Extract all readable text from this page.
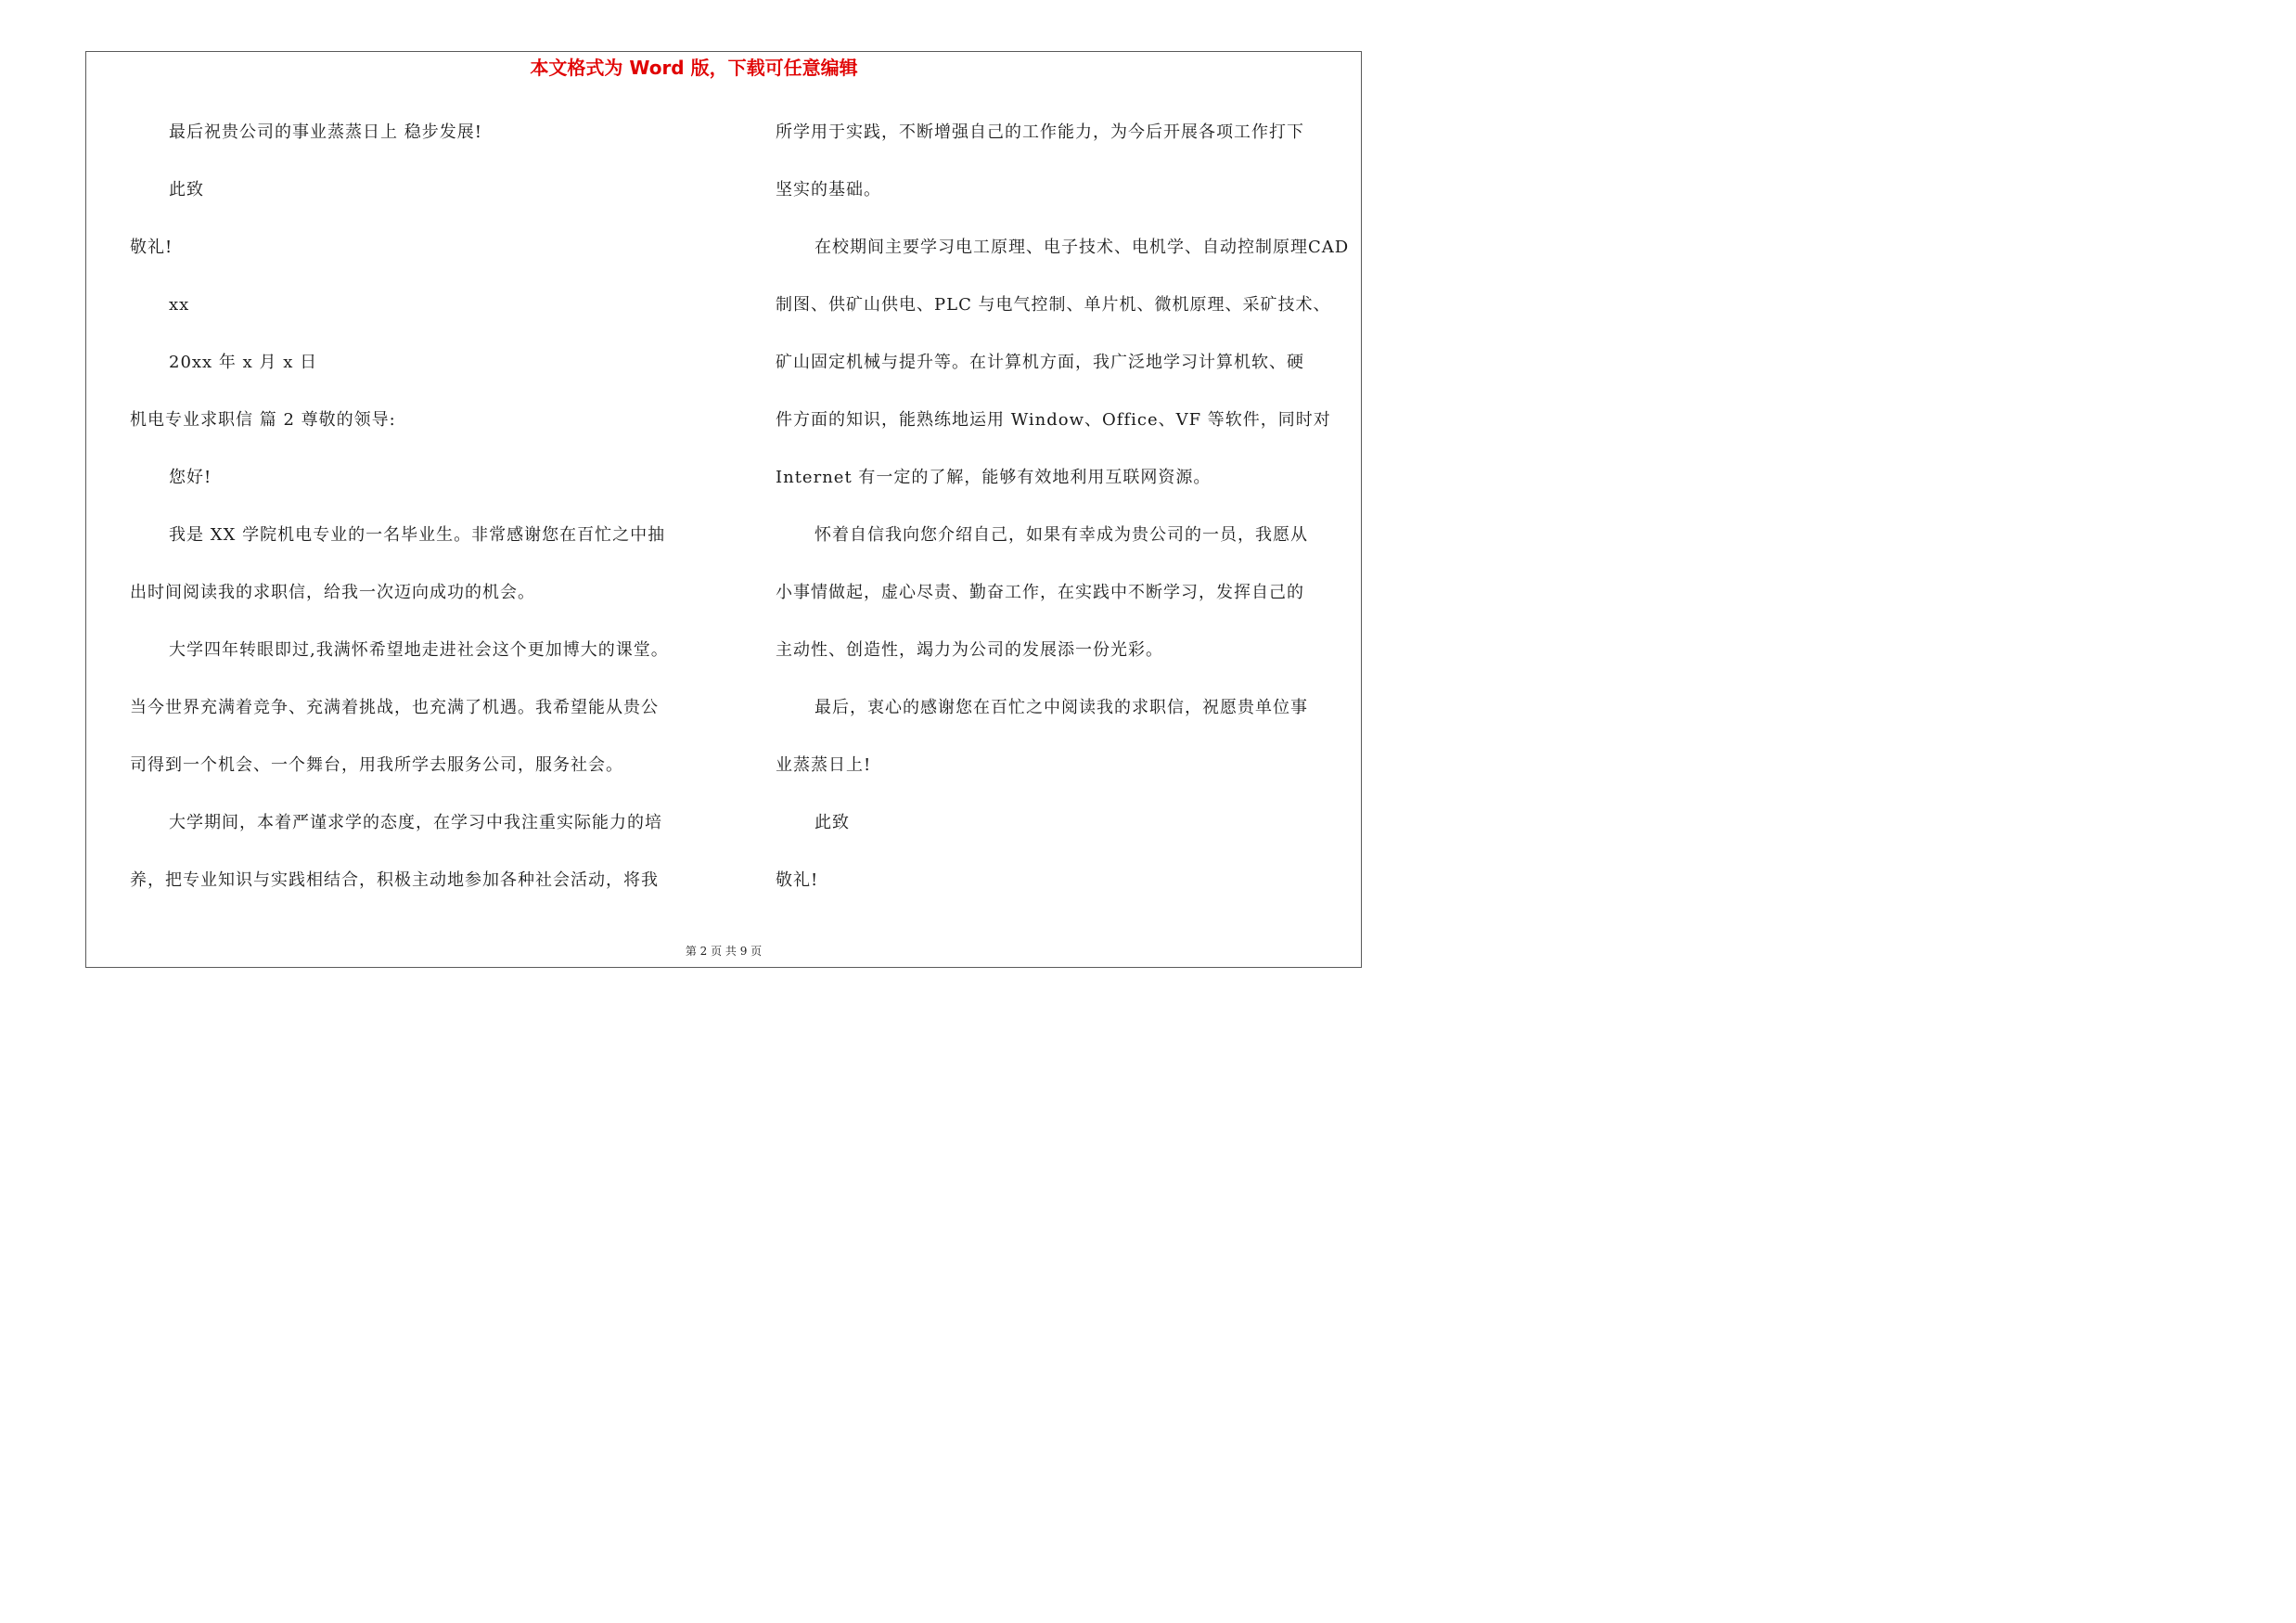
本文格式为 Word 版，下载可任意编辑
最后祝贵公司的事业蒸蒸日上 稳步发展!
此致
敬礼!
xx
20xx 年 x 月 x 日
机电专业求职信 篇 2 尊敬的领导:
您好!
我是 XX 学院机电专业的一名毕业生。非常感谢您在百忙之中抽
出时间阅读我的求职信，给我一次迈向成功的机会。
大学四年转眼即过,我满怀希望地走进社会这个更加博大的课堂。
当今世界充满着竞争、充满着挑战，也充满了机遇。我希望能从贵公
司得到一个机会、一个舞台，用我所学去服务公司，服务社会。
大学期间，本着严谨求学的态度，在学习中我注重实际能力的培
养，把专业知识与实践相结合，积极主动地参加各种社会活动，将我
所学用于实践，不断增强自己的工作能力，为今后开展各项工作打下
坚实的基础。
在校期间主要学习电工原理、电子技术、电机学、自动控制原理CAD
制图、供矿山供电、PLC 与电气控制、单片机、微机原理、采矿技术、
矿山固定机械与提升等。在计算机方面，我广泛地学习计算机软、硬
件方面的知识，能熟练地运用 Window、Office、VF 等软件，同时对
Internet 有一定的了解，能够有效地利用互联网资源。
怀着自信我向您介绍自己，如果有幸成为贵公司的一员，我愿从
小事情做起，虚心尽责、勤奋工作，在实践中不断学习，发挥自己的
主动性、创造性，竭力为公司的发展添一份光彩。
最后，衷心的感谢您在百忙之中阅读我的求职信，祝愿贵单位事
业蒸蒸日上!
此致
敬礼!
第 2 页 共 9 页
